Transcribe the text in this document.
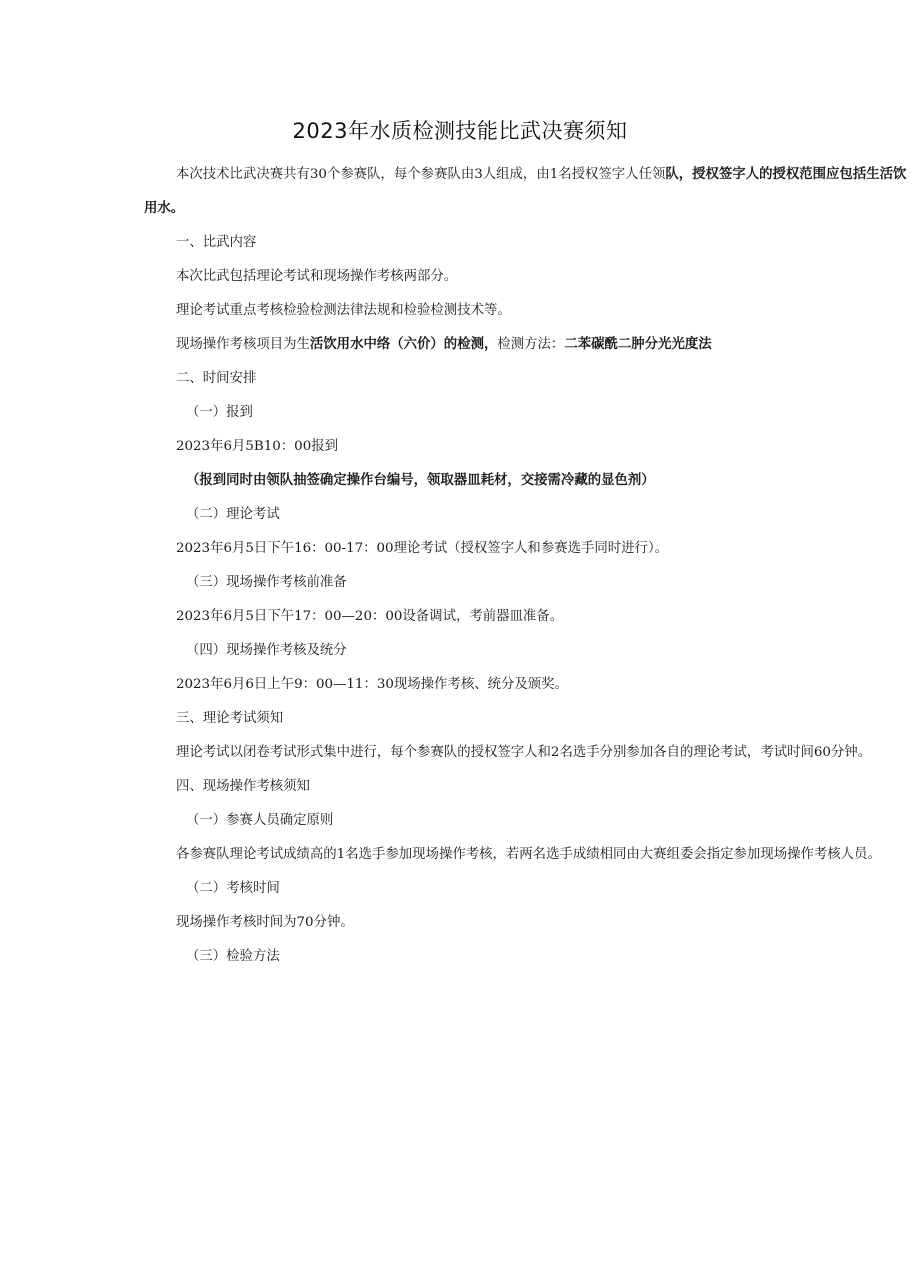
2023年水质检测技能比武决赛须知

本次技术比武决赛共有30个参赛队，每个参赛队由3人组成，由1名授权签字人任领队，授权签字人的授权范围应包括生活饮用水。

一、比武内容

本次比武包括理论考试和现场操作考核两部分。

理论考试重点考核检验检测法律法规和检验检测技术等。

现场操作考核项目为生活饮用水中络（六价）的检测，检测方法：二苯碳酰二肿分光光度法

二、时间安排

（一）报到

2023年6月5B10：00报到

（报到同时由领队抽签确定操作台编号，领取器皿耗材，交接需冷藏的显色剂）

（二）理论考试

2023年6月5日下午16：00-17：00理论考试（授权签字人和参赛选手同时进行）。

（三）现场操作考核前准备

2023年6月5日下午17：00—20：00设备调试，考前器皿准备。

（四）现场操作考核及统分

2023年6月6日上午9：00—11：30现场操作考核、统分及颁奖。

三、理论考试须知

理论考试以闭卷考试形式集中进行，每个参赛队的授权签字人和2名选手分别参加各自的理论考试，考试时间60分钟。

四、现场操作考核须知

（一）参赛人员确定原则

各参赛队理论考试成绩高的1名选手参加现场操作考核，若两名选手成绩相同由大赛组委会指定参加现场操作考核人员。

（二）考核时间

现场操作考核时间为70分钟。

（三）检验方法
